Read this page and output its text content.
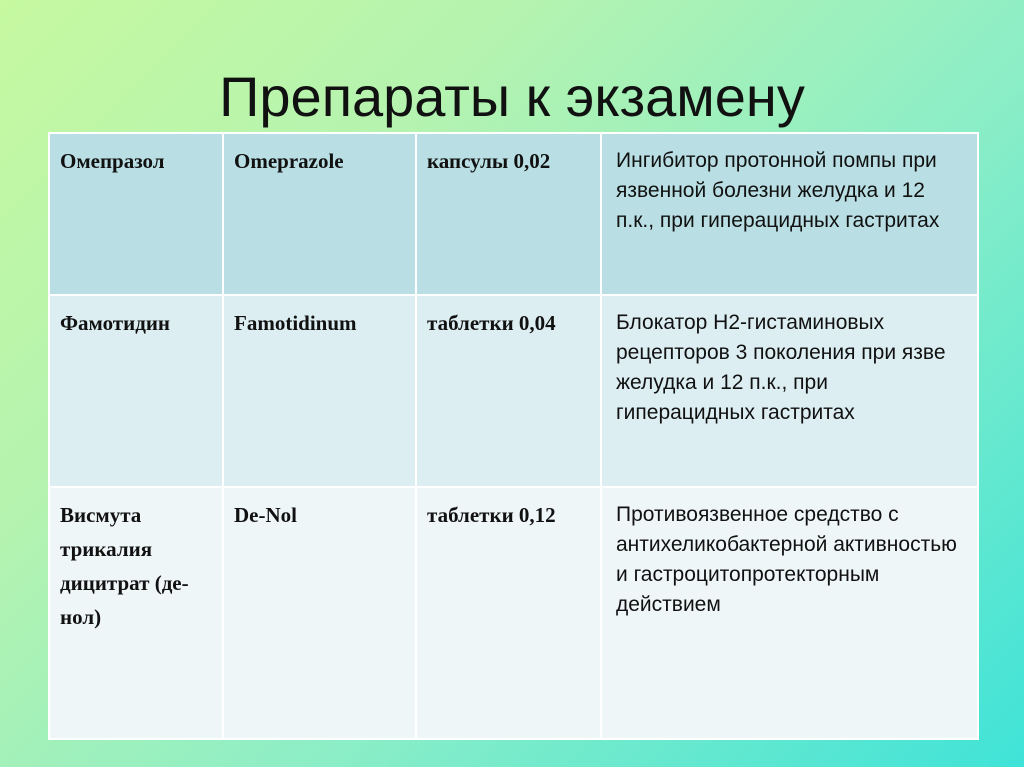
Препараты к экзамену
Омепразол	Omeprazole	капсулы 0,02	Ингибитор протонной помпы при язвенной болезни желудка и 12 п.к., при гиперацидных гастритах
Фамотидин	Famotidinum	таблетки 0,04	Блокатор Н2-гистаминовых рецепторов 3 поколения при язве желудка и 12 п.к., при гиперацидных гастритах
Висмута трикалия дицитрат (де-нол)	De-Nol	таблетки 0,12	Противоязвенное средство с антихеликобактерной активностью и гастроцитопротекторным действием
